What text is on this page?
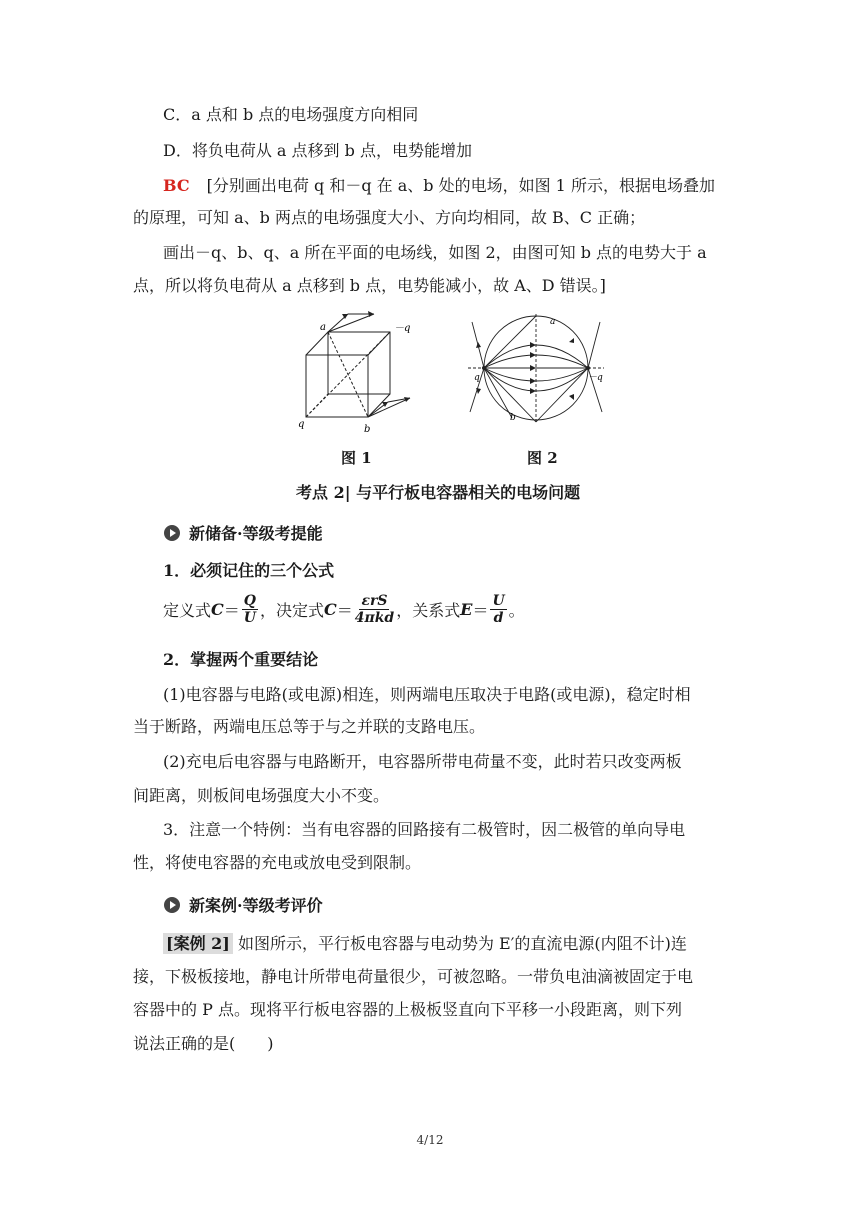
C．a 点和 b 点的电场强度方向相同
D．将负电荷从 a 点移到 b 点，电势能增加
BC [分别画出电荷 q 和－q 在 a、b 处的电场，如图 1 所示，根据电场叠加
的原理，可知 a、b 两点的电场强度大小、方向均相同，故 B、C 正确；
画出－q、b、q、a 所在平面的电场线，如图 2，由图可知 b 点的电势大于 a
点，所以将负电荷从 a 点移到 b 点，电势能减小，故 A、D 错误。]
a	－q
q	b
a
q	－q
b
图 1	图 2
考点 2| 与平行板电容器相关的电场问题
新储备·等级考提能
1．必须记住的三个公式
定义式 $C = \frac{Q}{U}$ ，决定式 $C = \frac{\text{εrS}}{\text{4πkd}}$ ，关系式 $E = \frac{U}{d}$ 。
2．掌握两个重要结论
(1)电容器与电路(或电源)相连，则两端电压取决于电路(或电源)，稳定时相
当于断路，两端电压总等于与之并联的支路电压。
(2)充电后电容器与电路断开，电容器所带电荷量不变，此时若只改变两板
间距离，则板间电场强度大小不变。
3．注意一个特例：当有电容器的回路接有二极管时，因二极管的单向导电
性，将使电容器的充电或放电受到限制。
新案例·等级考评价
[案例 2] 如图所示，平行板电容器与电动势为 E′的直流电源(内阻不计)连
接，下极板接地，静电计所带电荷量很少，可被忽略。一带负电油滴被固定于电
容器中的 P 点。现将平行板电容器的上极板竖直向下平移一小段距离，则下列
说法正确的是(　　)
4/12
